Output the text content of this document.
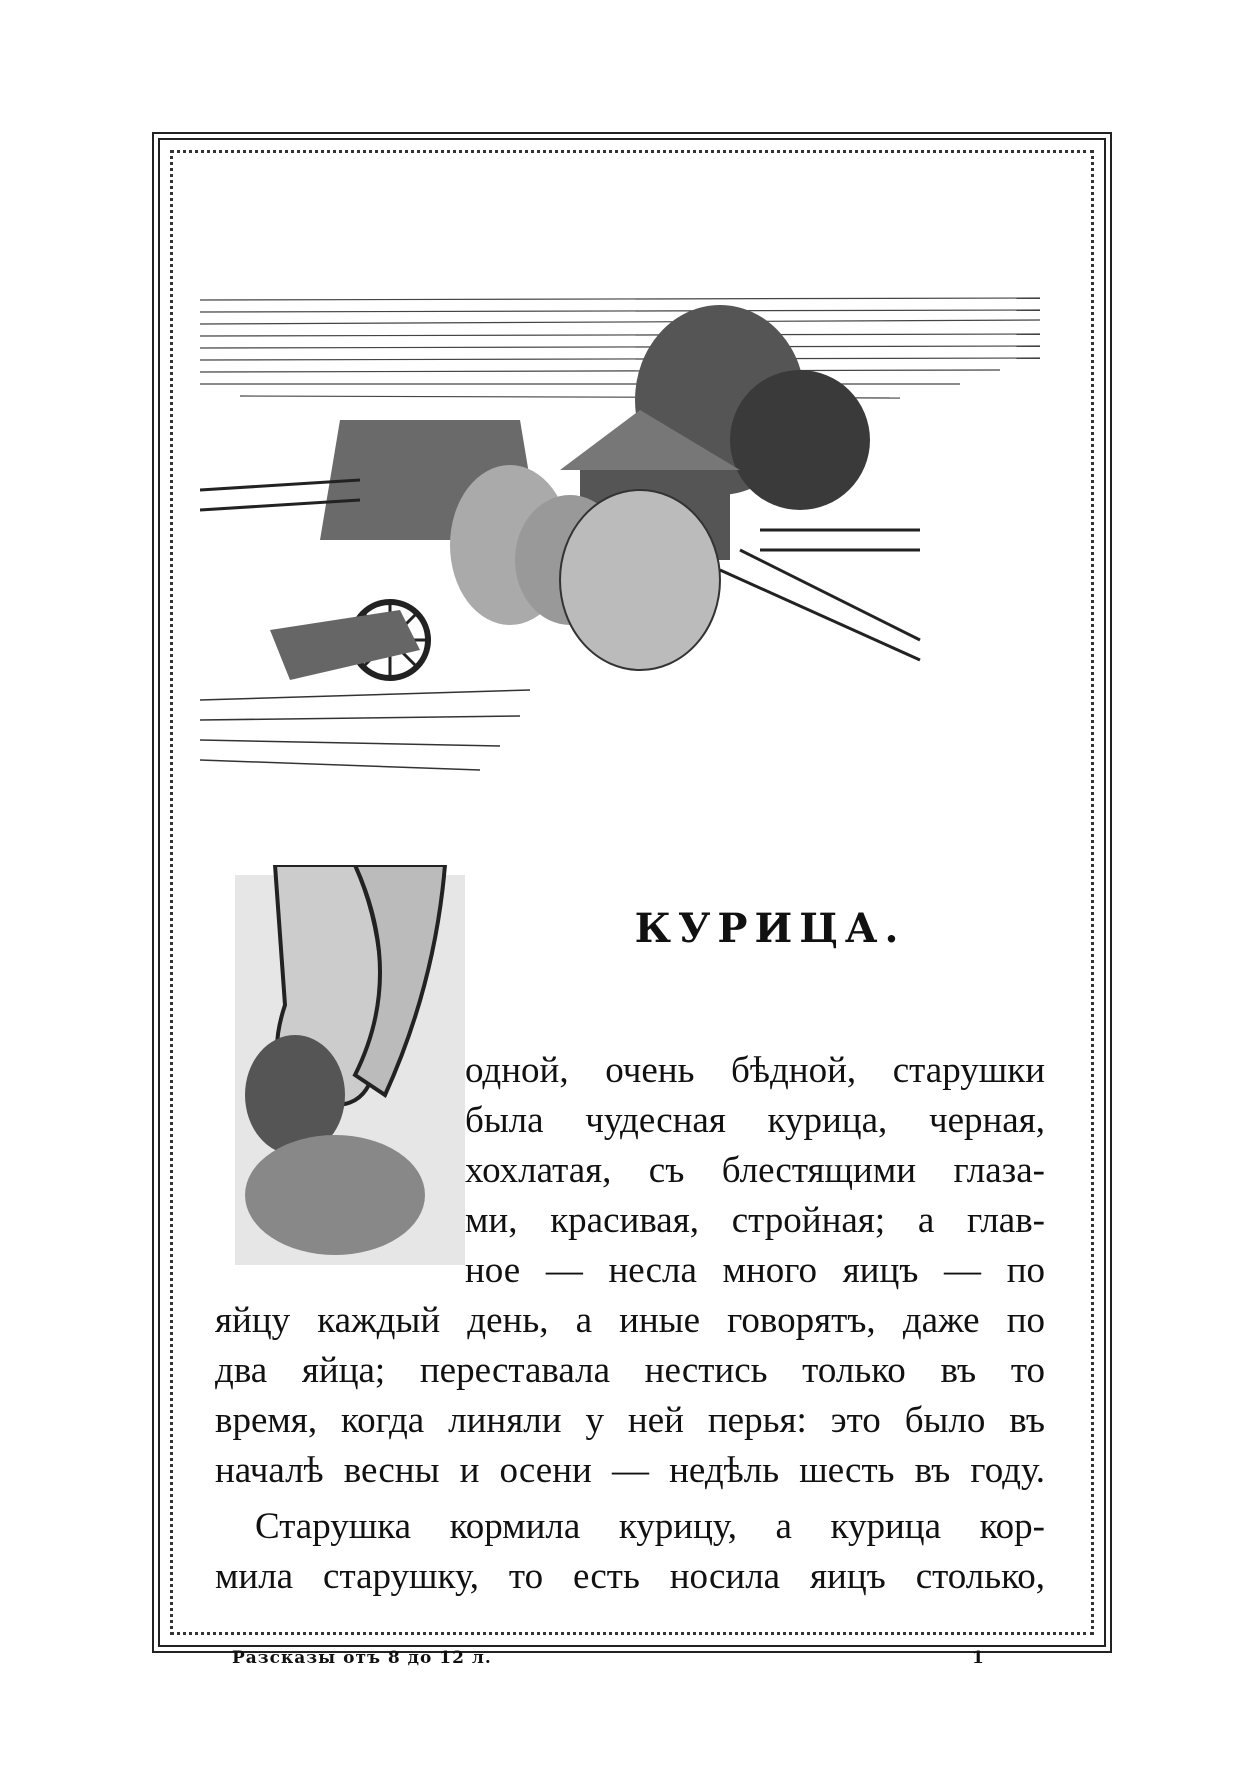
КУРИЦА.
одной, очень бѣдной, старушки
была чудесная курица, черная,
хохлатая, съ блестящими глаза-
ми, красивая, стройная; а глав-
ное — несла много яицъ — по
яйцу каждый день, а иные говорятъ, даже по
два яйца; переставала нестись только въ то
время, когда линяли у ней перья: это было въ
началѣ весны и осени — недѣль шесть въ году.
Старушка кормила курицу, а курица кор-
мила старушку, то есть носила яицъ столько,
Разсказы отъ 8 до 12 л.	1
